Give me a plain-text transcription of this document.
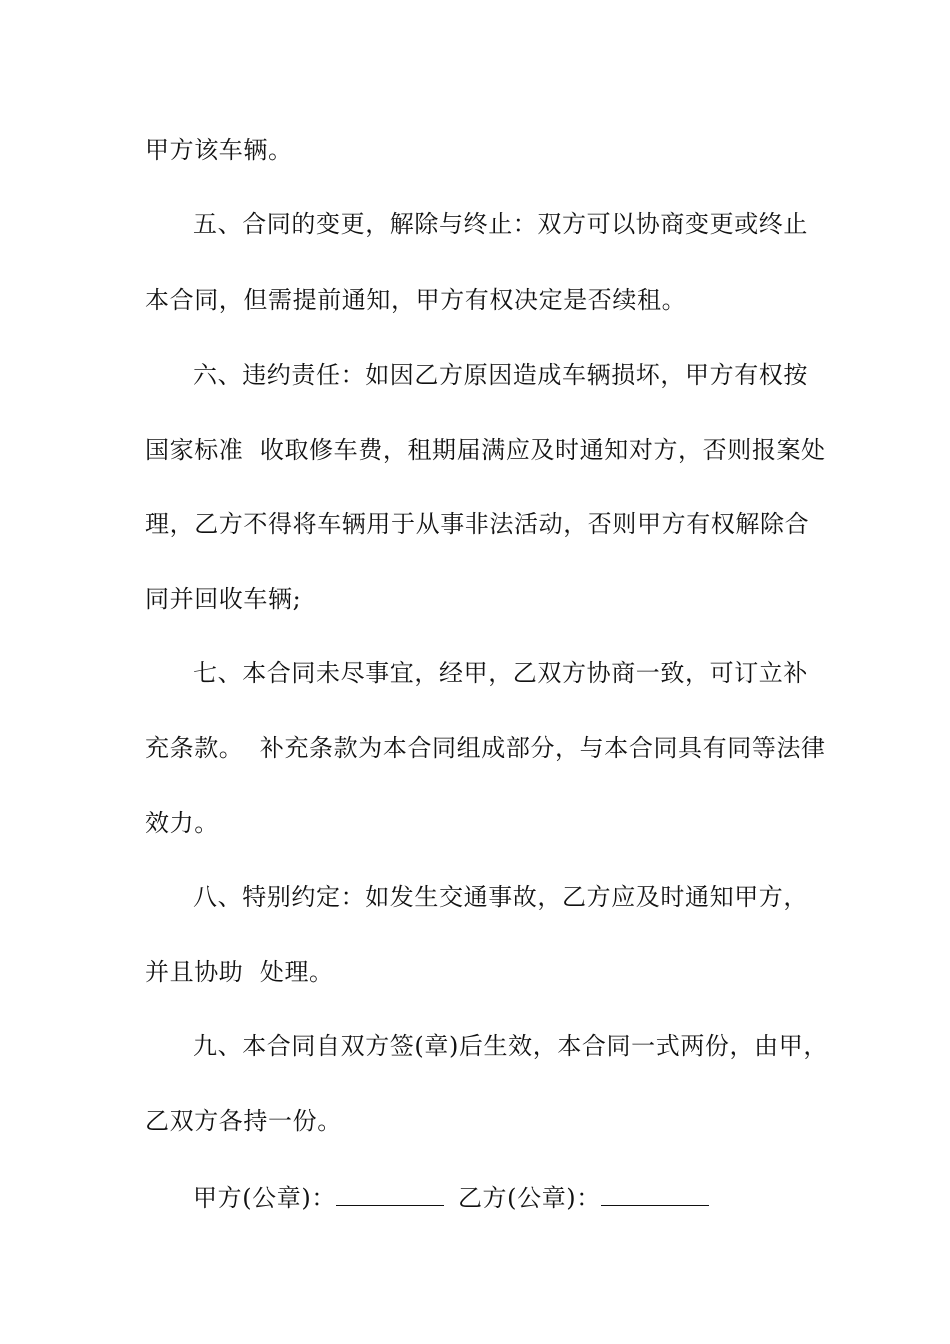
甲方该车辆。
五、合同的变更，解除与终止：双方可以协商变更或终止
本合同，但需提前通知，甲方有权决定是否续租。
六、违约责任：如因乙方原因造成车辆损坏，甲方有权按
国家标准  收取修车费，租期届满应及时通知对方，否则报案处
理，乙方不得将车辆用于从事非法活动，否则甲方有权解除合
同并回收车辆;
七、本合同未尽事宜，经甲，乙双方协商一致，可订立补
充条款。  补充条款为本合同组成部分，与本合同具有同等法律
效力。
八、特别约定：如发生交通事故，乙方应及时通知甲方，
并且协助  处理。
九、本合同自双方签(章)后生效，本合同一式两份，由甲，
乙双方各持一份。
甲方(公章)：	乙方(公章)：
